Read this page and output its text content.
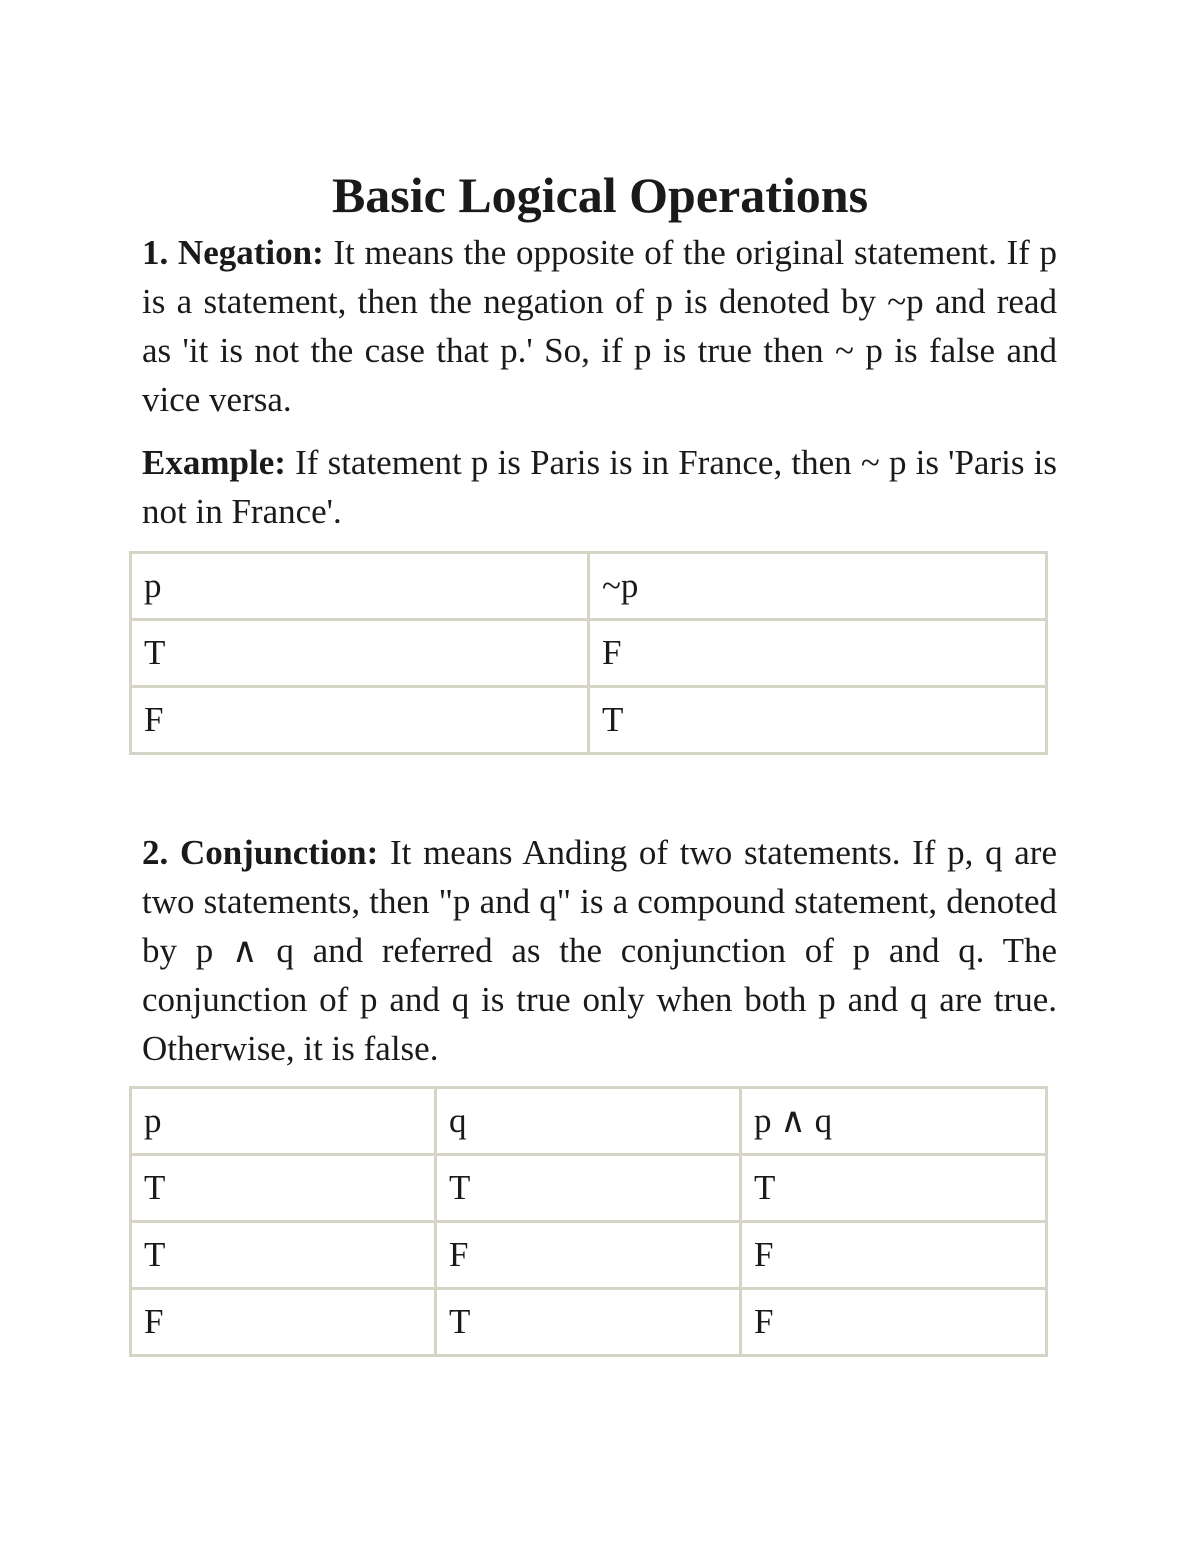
Basic Logical Operations

1. Negation: It means the opposite of the original statement. If p is a statement, then the negation of p is denoted by ~p and read as 'it is not the case that p.' So, if p is true then ~ p is false and vice versa.

Example: If statement p is Paris is in France, then ~ p is 'Paris is not in France'.

p	~p
T	F
F	T

2. Conjunction: It means Anding of two statements. If p, q are two statements, then "p and q" is a compound statement, denoted by p ∧ q and referred as the conjunction of p and q. The conjunction of p and q is true only when both p and q are true. Otherwise, it is false.

p	q	p ∧ q
T	T	T
T	F	F
F	T	F
